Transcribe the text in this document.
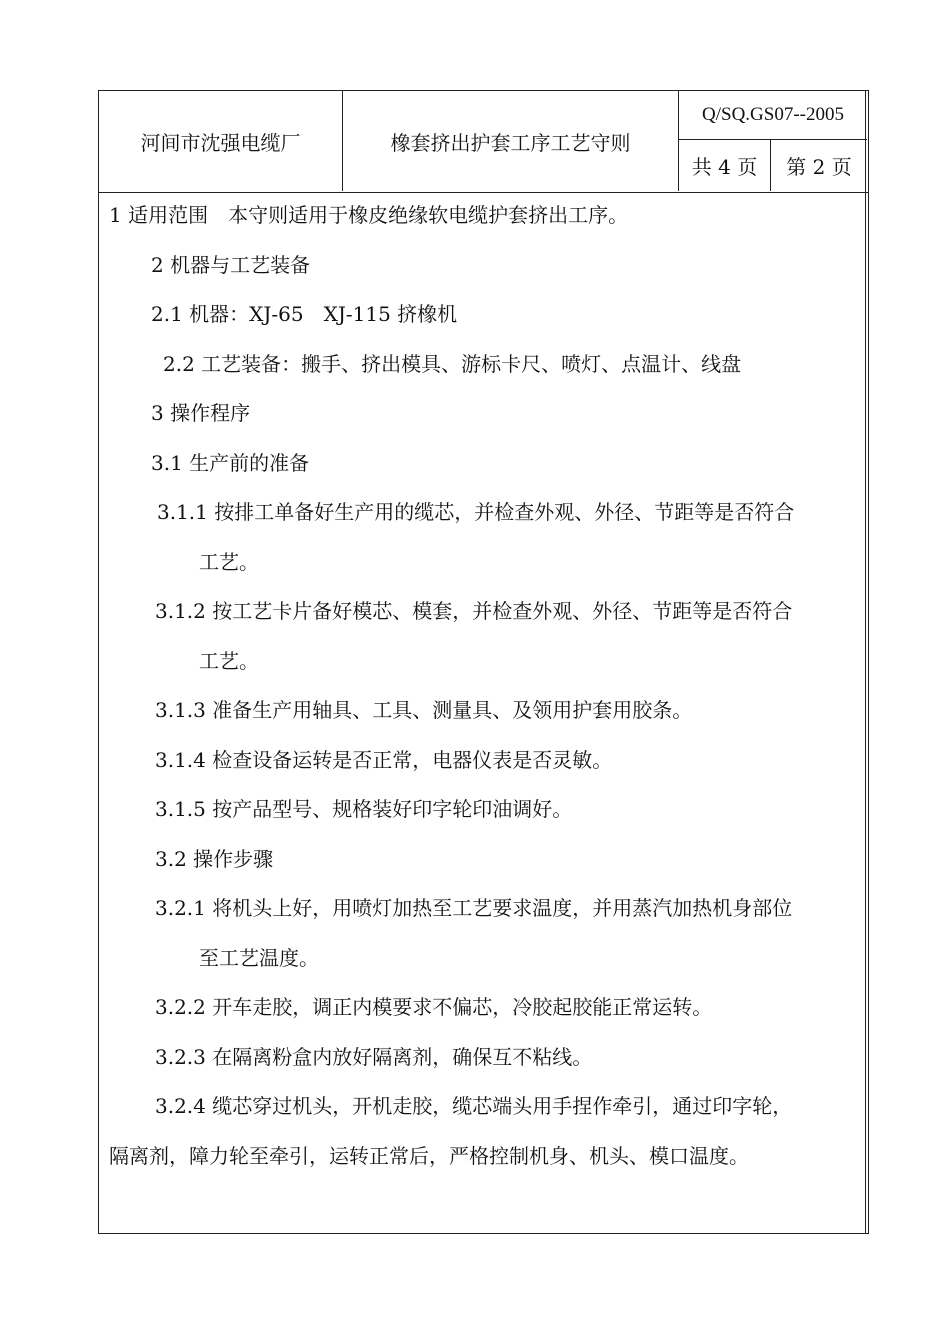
河间市沈强电缆厂	橡套挤出护套工序工艺守则
Q/SQ.GS07--2005
共 4 页	第 2 页
1 适用范围　本守则适用于橡皮绝缘软电缆护套挤出工序。
2 机器与工艺装备
2.1 机器：XJ-65　XJ-115 挤橡机
2.2 工艺装备：搬手、挤出模具、游标卡尺、喷灯、点温计、线盘
3 操作程序
3.1 生产前的准备
3.1.1 按排工单备好生产用的缆芯，并检查外观、外径、节距等是否符合
工艺。
3.1.2 按工艺卡片备好模芯、模套，并检查外观、外径、节距等是否符合
工艺。
3.1.3 准备生产用轴具、工具、测量具、及领用护套用胶条。
3.1.4 检查设备运转是否正常，电器仪表是否灵敏。
3.1.5 按产品型号、规格装好印字轮印油调好。
3.2 操作步骤
3.2.1 将机头上好，用喷灯加热至工艺要求温度，并用蒸汽加热机身部位
至工艺温度。
3.2.2 开车走胶，调正内模要求不偏芯，冷胶起胶能正常运转。
3.2.3 在隔离粉盒内放好隔离剂，确保互不粘线。
3.2.4 缆芯穿过机头，开机走胶，缆芯端头用手捏作牵引，通过印字轮，
隔离剂，障力轮至牵引，运转正常后，严格控制机身、机头、模口温度。
